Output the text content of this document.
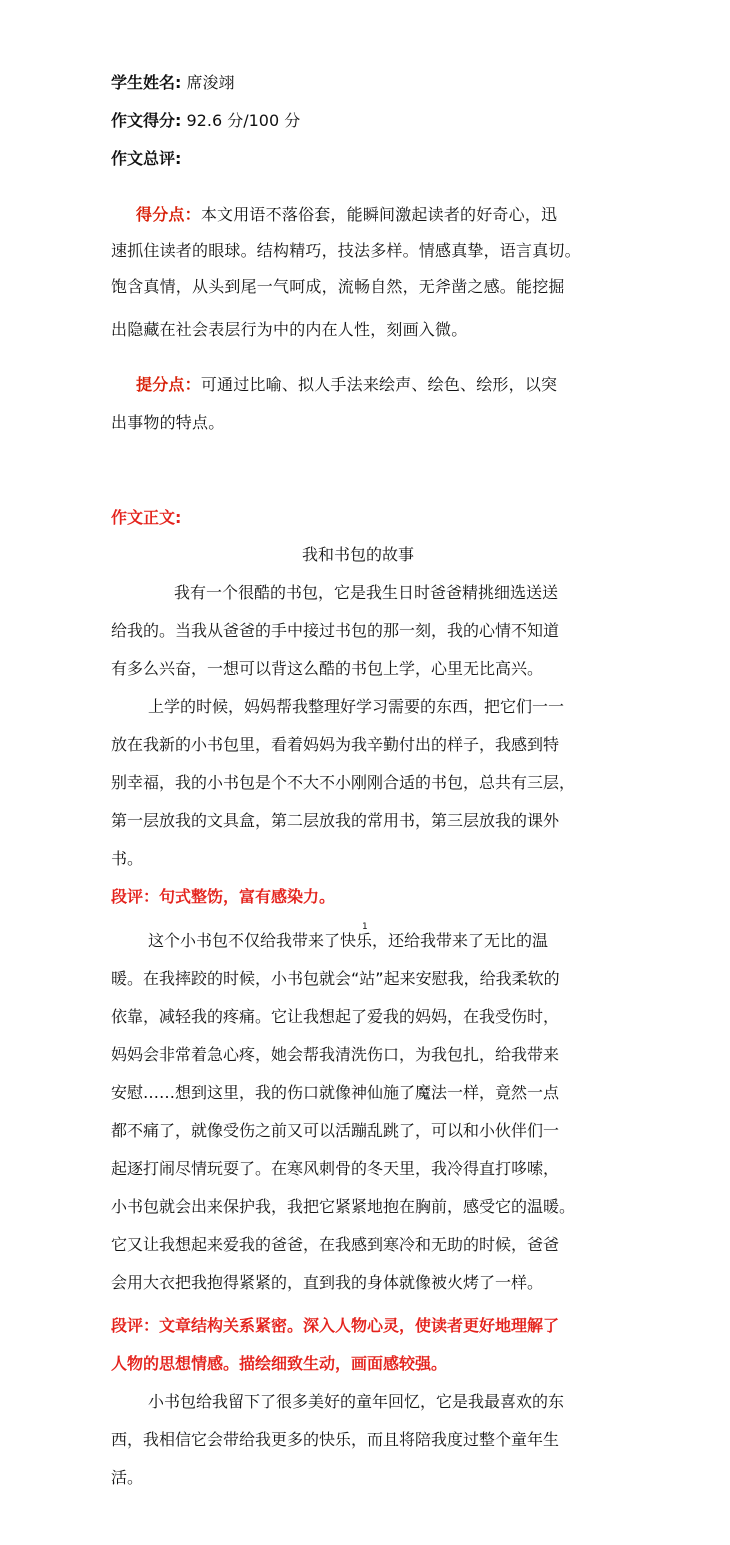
学生姓名: 席浚翊
作文得分: 92.6 分/100 分
作文总评:
得分点：本文用语不落俗套，能瞬间激起读者的好奇心，迅
速抓住读者的眼球。结构精巧，技法多样。情感真挚，语言真切。
饱含真情，从头到尾一气呵成，流畅自然，无斧凿之感。能挖掘
出隐藏在社会表层行为中的内在人性，刻画入微。
提分点：可通过比喻、拟人手法来绘声、绘色、绘形，以突
出事物的特点。
作文正文:
我和书包的故事
我有一个很酷的书包，它是我生日时爸爸精挑细选送送
给我的。当我从爸爸的手中接过书包的那一刻，我的心情不知道
有多么兴奋，一想可以背这么酷的书包上学，心里无比高兴。
上学的时候，妈妈帮我整理好学习需要的东西，把它们一一
放在我新的小书包里，看着妈妈为我辛勤付出的样子，我感到特
别幸福，我的小书包是个不大不小刚刚合适的书包，总共有三层，
第一层放我的文具盒，第二层放我的常用书，第三层放我的课外
书。
段评：句式整饬，富有感染力。
1
这个小书包不仅给我带来了快乐，还给我带来了无比的温
暖。在我摔跤的时候，小书包就会“站”起来安慰我，给我柔软的
依靠，减轻我的疼痛。它让我想起了爱我的妈妈，在我受伤时，
妈妈会非常着急心疼，她会帮我清洗伤口，为我包扎，给我带来
安慰……想到这里，我的伤口就像神仙施了魔法一样，竟然一点
都不痛了，就像受伤之前又可以活蹦乱跳了，可以和小伙伴们一
起逐打闹尽情玩耍了。在寒风刺骨的冬天里，我冷得直打哆嗦，
小书包就会出来保护我，我把它紧紧地抱在胸前，感受它的温暖。
它又让我想起来爱我的爸爸，在我感到寒冷和无助的时候，爸爸
会用大衣把我抱得紧紧的，直到我的身体就像被火烤了一样。
段评：文章结构关系紧密。深入人物心灵，使读者更好地理解了
人物的思想情感。描绘细致生动，画面感较强。
小书包给我留下了很多美好的童年回忆，它是我最喜欢的东
西，我相信它会带给我更多的快乐，而且将陪我度过整个童年生
活。
